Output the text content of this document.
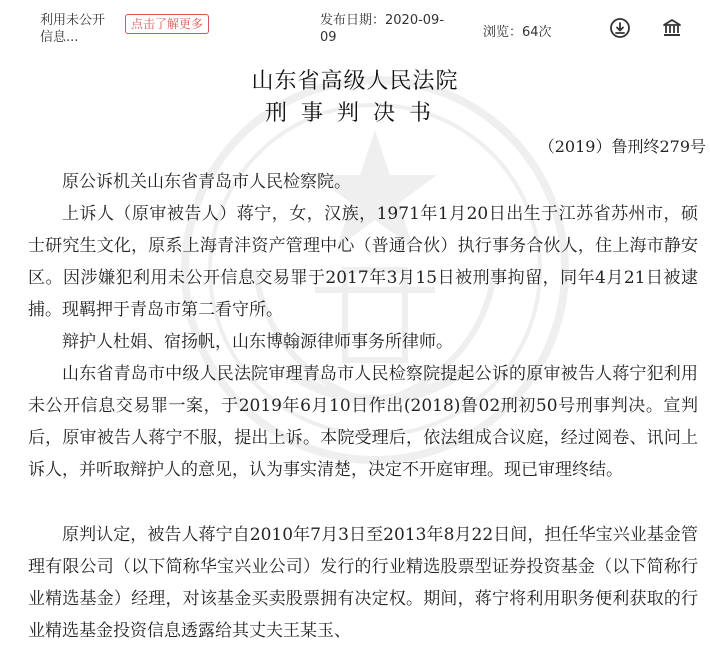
利用未公开信息...
点击了解更多	发布日期：2020-09-09	浏览：64次
山东省高级人民法院
刑事判决书
（2019）鲁刑终279号

原公诉机关山东省青岛市人民检察院。

上诉人（原审被告人）蒋宁，女，汉族，1971年1月20日出生于江苏省苏州市，硕士研究生文化，原系上海青沣资产管理中心（普通合伙）执行事务合伙人，住上海市静安区。因涉嫌犯利用未公开信息交易罪于2017年3月15日被刑事拘留，同年4月21日被逮捕。现羁押于青岛市第二看守所。

辩护人杜娟、宿扬帆，山东博翰源律师事务所律师。

山东省青岛市中级人民法院审理青岛市人民检察院提起公诉的原审被告人蒋宁犯利用未公开信息交易罪一案，于2019年6月10日作出(2018)鲁02刑初50号刑事判决。宣判后，原审被告人蒋宁不服，提出上诉。本院受理后，依法组成合议庭，经过阅卷、讯问上诉人，并听取辩护人的意见，认为事实清楚，决定不开庭审理。现已审理终结。

原判认定，被告人蒋宁自2010年7月3日至2013年8月22日间，担任华宝兴业基金管理有限公司（以下简称华宝兴业公司）发行的行业精选股票型证券投资基金（以下简称行业精选基金）经理，对该基金买卖股票拥有决定权。期间，蒋宁将利用职务便利获取的行业精选基金投资信息透露给其丈夫王某玉、
